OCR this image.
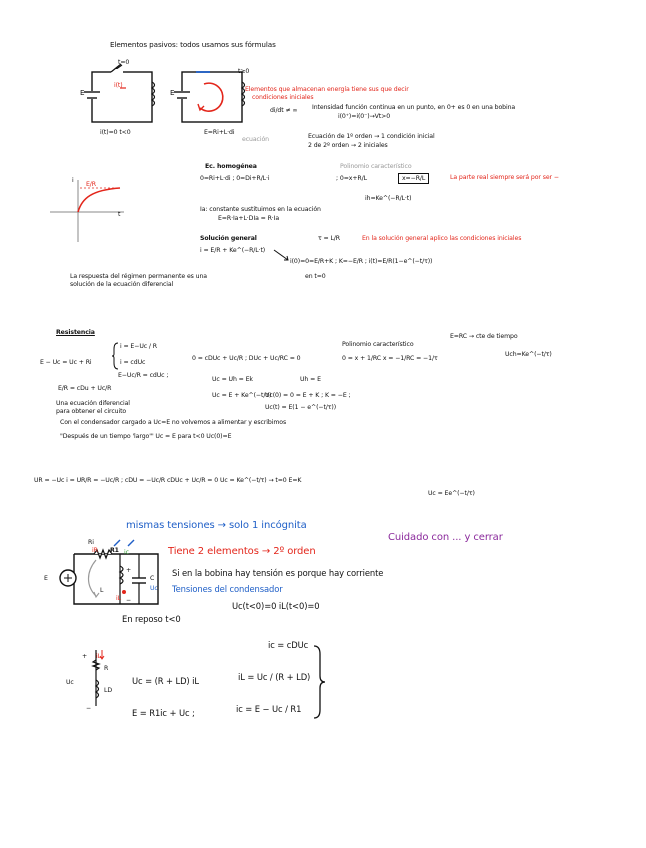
Elementos pasivos: todos usamos sus fórmulas
t=0
i(t)
E
i(t)=0 t<0
t≥0
E
E=Ri+L·di
Elementos que almacenan energía tiene sus que decir
condiciones iniciales
di/dt ≠ ∞ Intensidad función continua en un punto, en 0+ es 0 en una bobina
i(0⁺)=i(0⁻)→Vt>0
ecuación	Ecuación de 1º orden → 1 condición inicial
2 de 2º orden → 2 iniciales
Ec. homogénea	Polinomio característico
0=Ri+L·di ; 0=Di+R/L·i	; 0=x+R/L	x=−R/L	La parte real siempre será por ser −
ih=Ke^(−R/L·t)
t
i
E/R
Ia: constante sustituimos en la ecuación
E=R·Ia+L·DIa = R·Ia
Solución general	τ = L/R	En la solución general aplico las condiciones iniciales
i = E/R + Ke^(−R/L·t)
i(0)=0=E/R+K ; K=−E/R ; i(t)=E/R(1−e^(−t/τ))
La respuesta del régimen permanente es una
solución de la ecuación diferencial
en t=0
Resistencia
E − Uc = Uc + Ri
i = E−Uc / R
i = cdUc
E−Uc/R = cdUc ;
E/R = cDu + Uc/R
Una ecuación diferencial
para obtener el circuito
0 = cDUc + Uc/R ; DUc + Uc/RC = 0
Polinomio característico
0 = x + 1/RC x = −1/RC = −1/τ
E=RC → cte de tiempo
Uch=Ke^(−t/τ)
Uc = Uh = Ek	Uh = E
Uc = E + Ke^(−t/τ)
Uc(0) = 0 = E + K ; K = −E ;
Uc(t) = E(1 − e^(−t/τ))
Con el condensador cargado a Uc=E no volvemos a alimentar y escribimos
"Después de un tiempo 'largo'" Uc = E para t<0 Uc(0)=E
UR = −Uc i = UR/R = −Uc/R ; cDU = −Uc/R cDUc + Uc/R = 0 Uc = Ke^(−t/τ) → t=0 E=K
Uc = Ee^(−t/τ)
mismas tensiones → solo 1 incógnita
Cuidado con ... y cerrar
Tiene 2 elementos → 2º orden
Si en la bobina hay tensión es porque hay corriente
Tensiones del condensador
Uc(t<0)=0 iL(t<0)=0
En reposo t<0
Ri
iR R1
L
iL
ic
E
Uc
C
+
−
+ iL
R
LD
Uc
−
ic = cDUc
Uc = (R + LD) iL	iL = Uc / (R + LD)
E = R1ic + Uc ;	ic = E − Uc / R1
